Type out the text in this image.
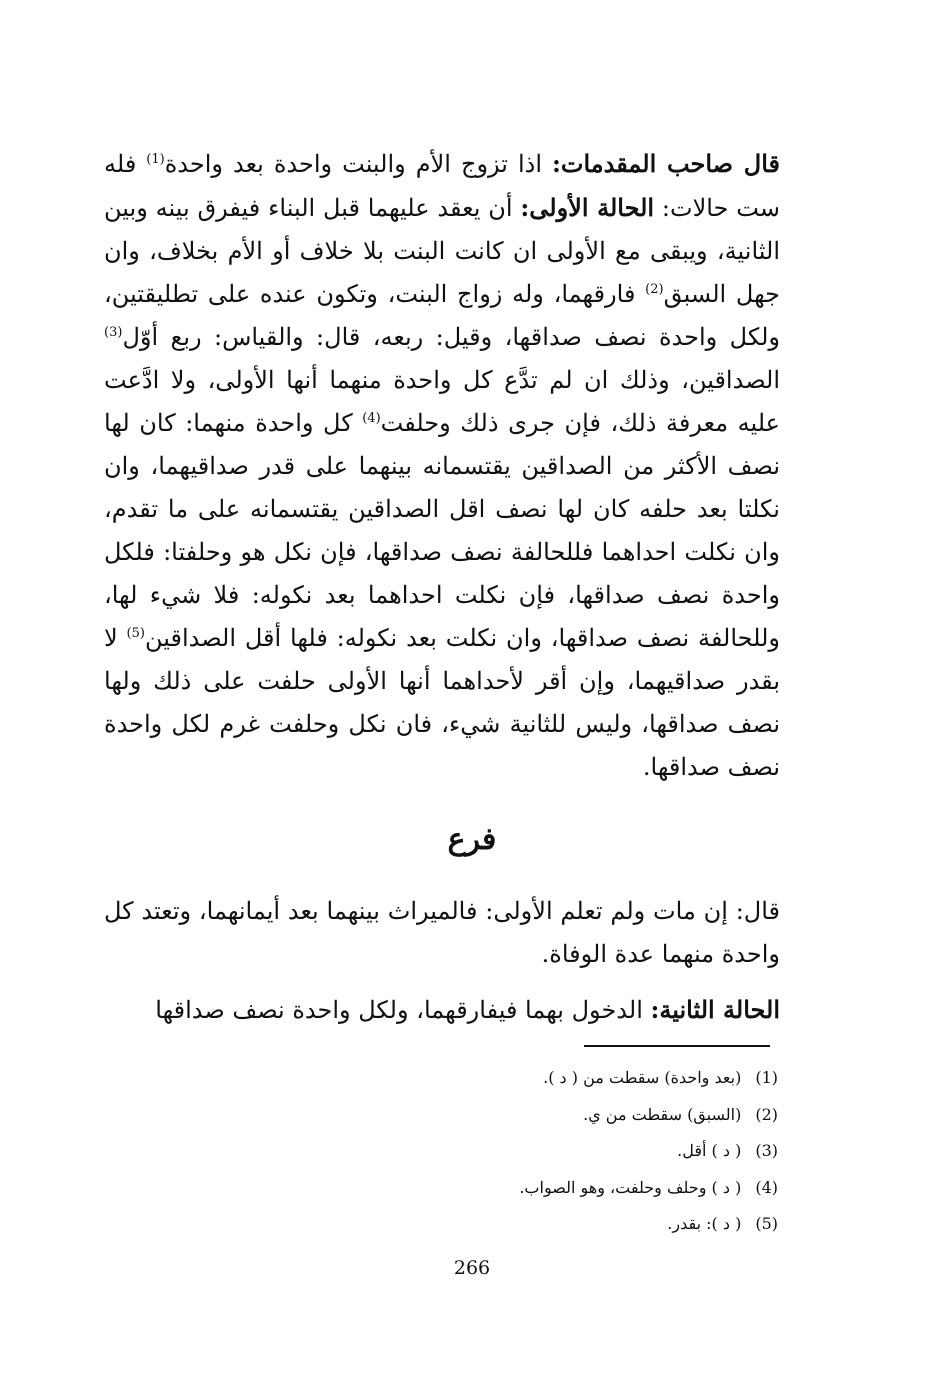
قال صاحب المقدمات: اذا تزوج الأم والبنت واحدة بعد واحدة$^{(1)}$ فله ست حالات: الحالة الأولى: أن يعقد عليهما قبل البناء فيفرق بينه وبين الثانية، ويبقى مع الأولى ان كانت البنت بلا خلاف أو الأم بخلاف، وان جهل السبق$^{(2)}$ فارقهما، وله زواج البنت، وتكون عنده على تطليقتين، ولكل واحدة نصف صداقها، وقيل: ربعه، قال: والقياس: ربع أوّل$^{(3)}$ الصداقين، وذلك ان لم تدَّع كل واحدة منهما أنها الأولى، ولا ادَّعت عليه معرفة ذلك، فإن جرى ذلك وحلفت$^{(4)}$ كل واحدة منهما: كان لها نصف الأكثر من الصداقين يقتسمانه بينهما على قدر صداقيهما، وان نكلتا بعد حلفه كان لها نصف اقل الصداقين يقتسمانه على ما تقدم، وان نكلت احداهما فللحالفة نصف صداقها، فإن نكل هو وحلفتا: فلكل واحدة نصف صداقها، فإن نكلت احداهما بعد نكوله: فلا شيء لها، وللحالفة نصف صداقها، وان نكلت بعد نكوله: فلها أقل الصداقين$^{(5)}$ لا بقدر صداقيهما، وإن أقر لأحداهما أنها الأولى حلفت على ذلك ولها نصف صداقها، وليس للثانية شيء، فان نكل وحلفت غرم لكل واحدة نصف صداقها.

فرع

قال: إن مات ولم تعلم الأولى: فالميراث بينهما بعد أيمانهما، وتعتد كل واحدة منهما عدة الوفاة.

الحالة الثانية: الدخول بهما فيفارقهما، ولكل واحدة نصف صداقها

(1)(بعد واحدة) سقطت من ( د ).
(2)(السبق) سقطت من ي.
(3)( د ) أقل.
(4)( د ) وحلف وحلفت، وهو الصواب.
(5)( د ): بقدر.
266
